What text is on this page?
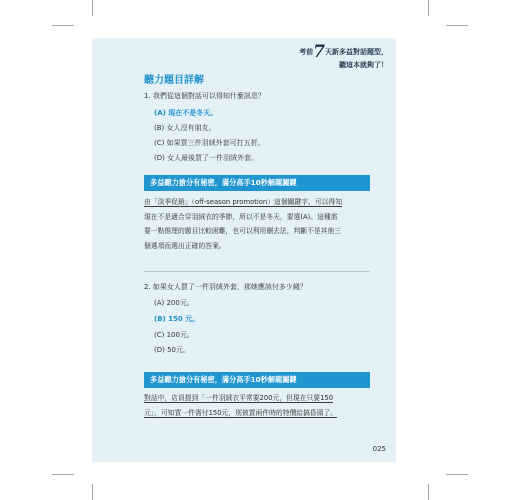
考前7天新多益對話題型，
聽這本就夠了！
聽力題目詳解
1. 我們從這個對話可以得知什麼訊息？
(A) 現在不是冬天。
(B) 女人沒有朋友。
(C) 如果買三件羽絨外套可打五折。
(D) 女人最後買了一件羽絨外套。
多益聽力搶分有秘密，滿分高手10秒解題關鍵
由「淡季促銷」（off-season promotion）這個關鍵字，可以得知
現在不是適合穿羽絨衣的季節，所以不是冬天，要選(A)。這種需
要一點推理的題目比較困難，也可以利用刪去法，判斷不是其他三
個選項而選出正確的答案。
2. 如果女人買了一件羽絨外套，那她應該付多少錢？
(A) 200元。
(B) 150 元。
(C) 100元。
(D) 50元。
多益聽力搶分有秘密，滿分高手10秒解題關鍵
對話中，店員提到「一件羽絨衣平常要200元，但現在只要150
元」，可知買一件需付150元，別被買兩件時的特價給搞昏頭了。
025
